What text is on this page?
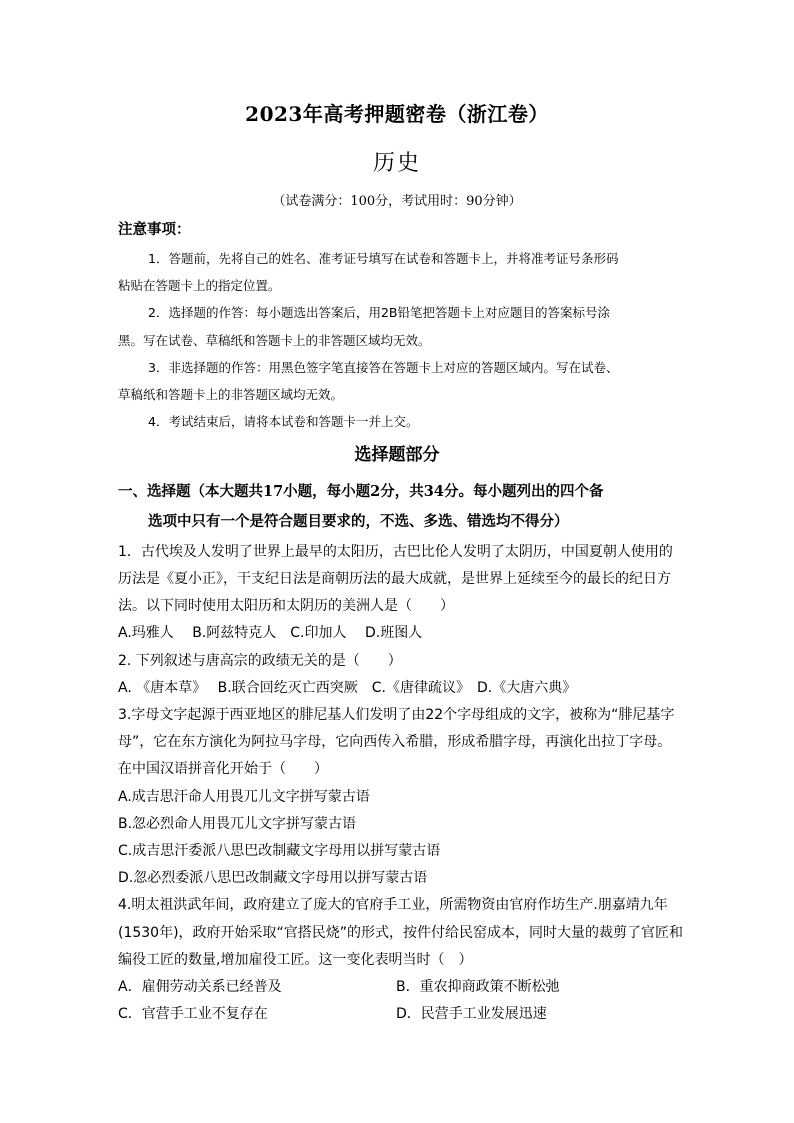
2023年高考押题密卷（浙江卷）
历史
（试卷满分：100分，考试用时：90分钟）
注意事项：
1．答题前，先将自己的姓名、准考证号填写在试卷和答题卡上，并将准考证号条形码
粘贴在答题卡上的指定位置。
2．选择题的作答：每小题选出答案后，用2B铅笔把答题卡上对应题目的答案标号涂
黑。写在试卷、草稿纸和答题卡上的非答题区域均无效。
3．非选择题的作答：用黑色签字笔直接答在答题卡上对应的答题区域内。写在试卷、
草稿纸和答题卡上的非答题区域均无效。
4．考试结束后，请将本试卷和答题卡一并上交。
选择题部分
一、选择题（本大题共17小题，每小题2分，共34分。每小题列出的四个备
选项中只有一个是符合题目要求的，不选、多选、错选均不得分）
1．古代埃及人发明了世界上最早的太阳历，古巴比伦人发明了太阴历，中国夏朝人使用的
历法是《夏小正》，干支纪日法是商朝历法的最大成就，是世界上延续至今的最长的纪日方
法。以下同时使用太阳历和太阴历的美洲人是（　　）
A.玛雅人　 B.阿兹特克人　C.印加人　 D.班图人
2. 下列叙述与唐高宗的政绩无关的是（　　）
A. 《唐本草》　 B.联合回纥灭亡西突厥　C.《唐律疏议》　D.《大唐六典》
3.字母文字起源于西亚地区的腓尼基人们发明了由22个字母组成的文字，被称为“腓尼基字
母”，它在东方演化为阿拉马字母，它向西传入希腊，形成希腊字母，再演化出拉丁字母。
在中国汉语拼音化开始于（　　）
A.成吉思汗命人用畏兀儿文字拼写蒙古语
B.忽必烈命人用畏兀儿文字拼写蒙古语
C.成吉思汗委派八思巴改制藏文字母用以拼写蒙古语
D.忽必烈委派八思巴改制藏文字母用以拼写蒙古语
4.明太祖洪武年间，政府建立了庞大的官府手工业，所需物资由官府作坊生产.朋嘉靖九年
(1530年)，政府开始采取“官搭民烧”的形式，按件付给民窑成本，同时大量的裁剪了官匠和
编役工匠的数量,增加雇役工匠。这一变化表明当时（　）
A．雇佣劳动关系已经普及	B．重农抑商政策不断松弛
C．官营手工业不复存在	D．民营手工业发展迅速
